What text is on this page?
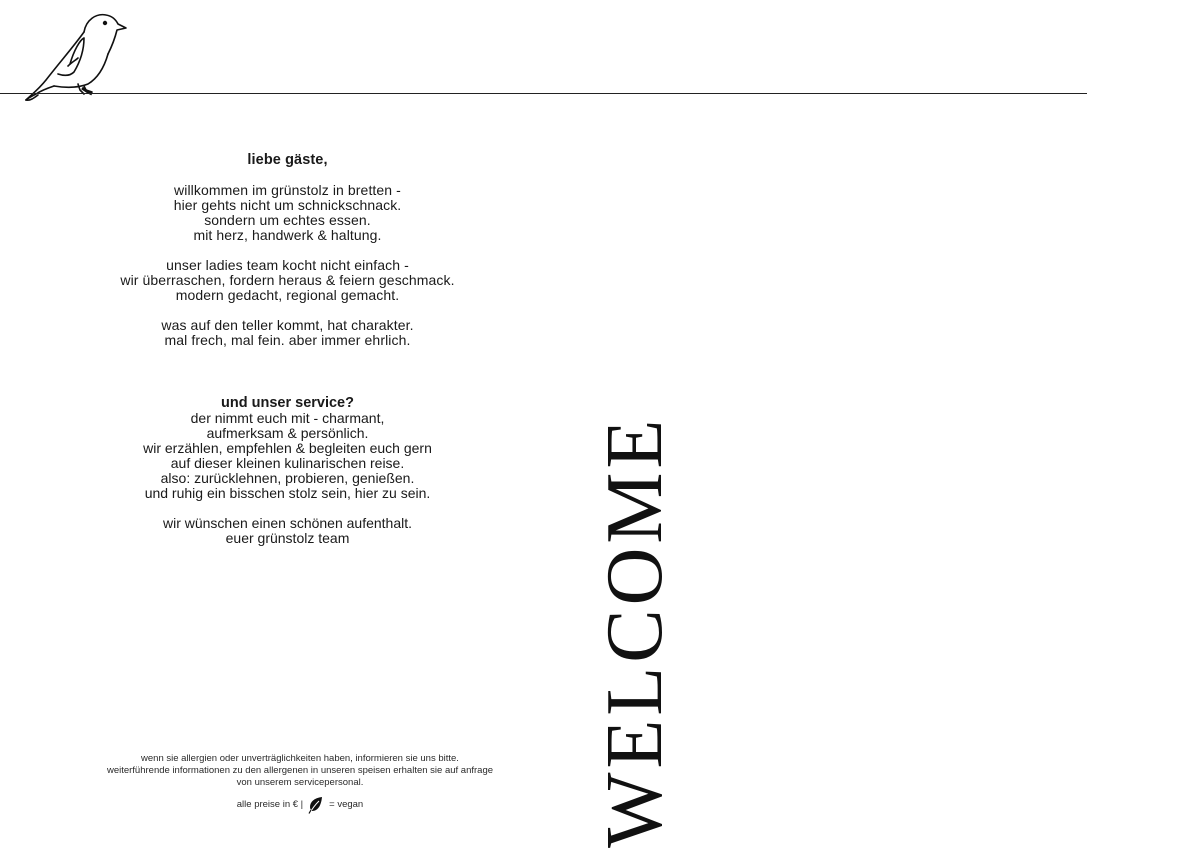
liebe gäste,
willkommen im grünstolz in bretten -
hier gehts nicht um schnickschnack.
sondern um echtes essen.
mit herz, handwerk & haltung.
unser ladies team kocht nicht einfach -
wir überraschen, fordern heraus & feiern geschmack.
modern gedacht, regional gemacht.
was auf den teller kommt, hat charakter.
mal frech, mal fein. aber immer ehrlich.
und unser service?
der nimmt euch mit - charmant,
aufmerksam & persönlich.
wir erzählen, empfehlen & begleiten euch gern
auf dieser kleinen kulinarischen reise.
also: zurücklehnen, probieren, genießen.
und ruhig ein bisschen stolz sein, hier zu sein.
wir wünschen einen schönen aufenthalt.
euer grünstolz team
wenn sie allergien oder unverträglichkeiten haben, informieren sie uns bitte.
weiterführende informationen zu den allergenen in unseren speisen erhalten sie auf anfrage
von unserem servicepersonal.
alle preise in € |	= vegan	WELCOME
